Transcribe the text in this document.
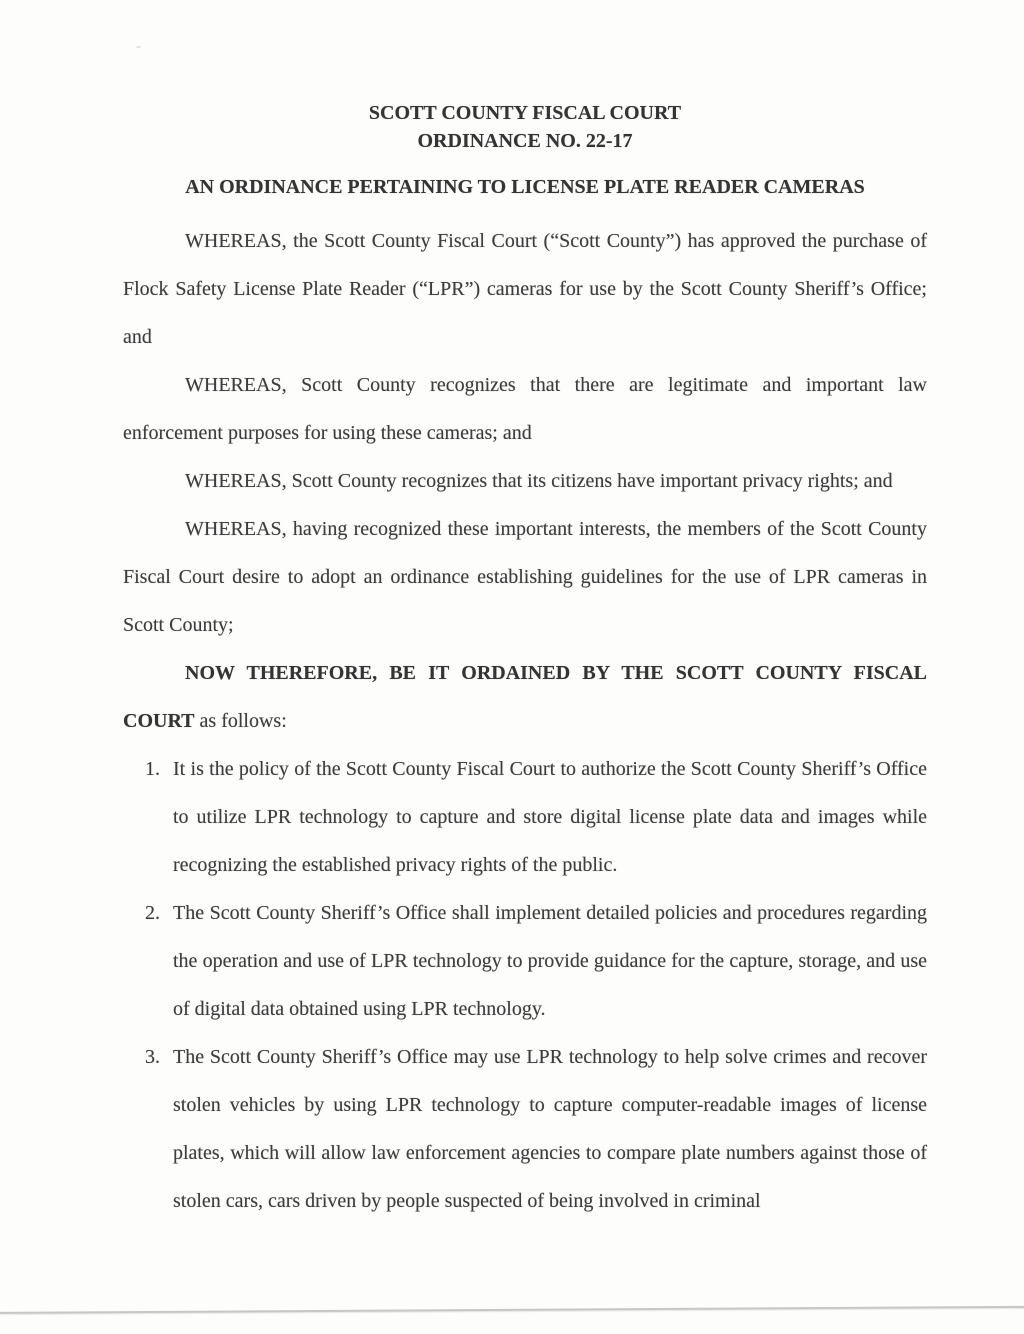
SCOTT COUNTY FISCAL COURT
ORDINANCE NO. 22-17
AN ORDINANCE PERTAINING TO LICENSE PLATE READER CAMERAS

WHEREAS, the Scott County Fiscal Court (“Scott County”) has approved the purchase of Flock Safety License Plate Reader (“LPR”) cameras for use by the Scott County Sheriff’s Office; and

WHEREAS, Scott County recognizes that there are legitimate and important law enforcement purposes for using these cameras; and

WHEREAS, Scott County recognizes that its citizens have important privacy rights; and

WHEREAS, having recognized these important interests, the members of the Scott County Fiscal Court desire to adopt an ordinance establishing guidelines for the use of LPR cameras in Scott County;

NOW THEREFORE, BE IT ORDAINED BY THE SCOTT COUNTY FISCAL COURT as follows:

1. It is the policy of the Scott County Fiscal Court to authorize the Scott County Sheriff’s Office to utilize LPR technology to capture and store digital license plate data and images while recognizing the established privacy rights of the public.
2. The Scott County Sheriff’s Office shall implement detailed policies and procedures regarding the operation and use of LPR technology to provide guidance for the capture, storage, and use of digital data obtained using LPR technology.
3. The Scott County Sheriff’s Office may use LPR technology to help solve crimes and recover stolen vehicles by using LPR technology to capture computer-readable images of license plates, which will allow law enforcement agencies to compare plate numbers against those of stolen cars, cars driven by people suspected of being involved in criminal
